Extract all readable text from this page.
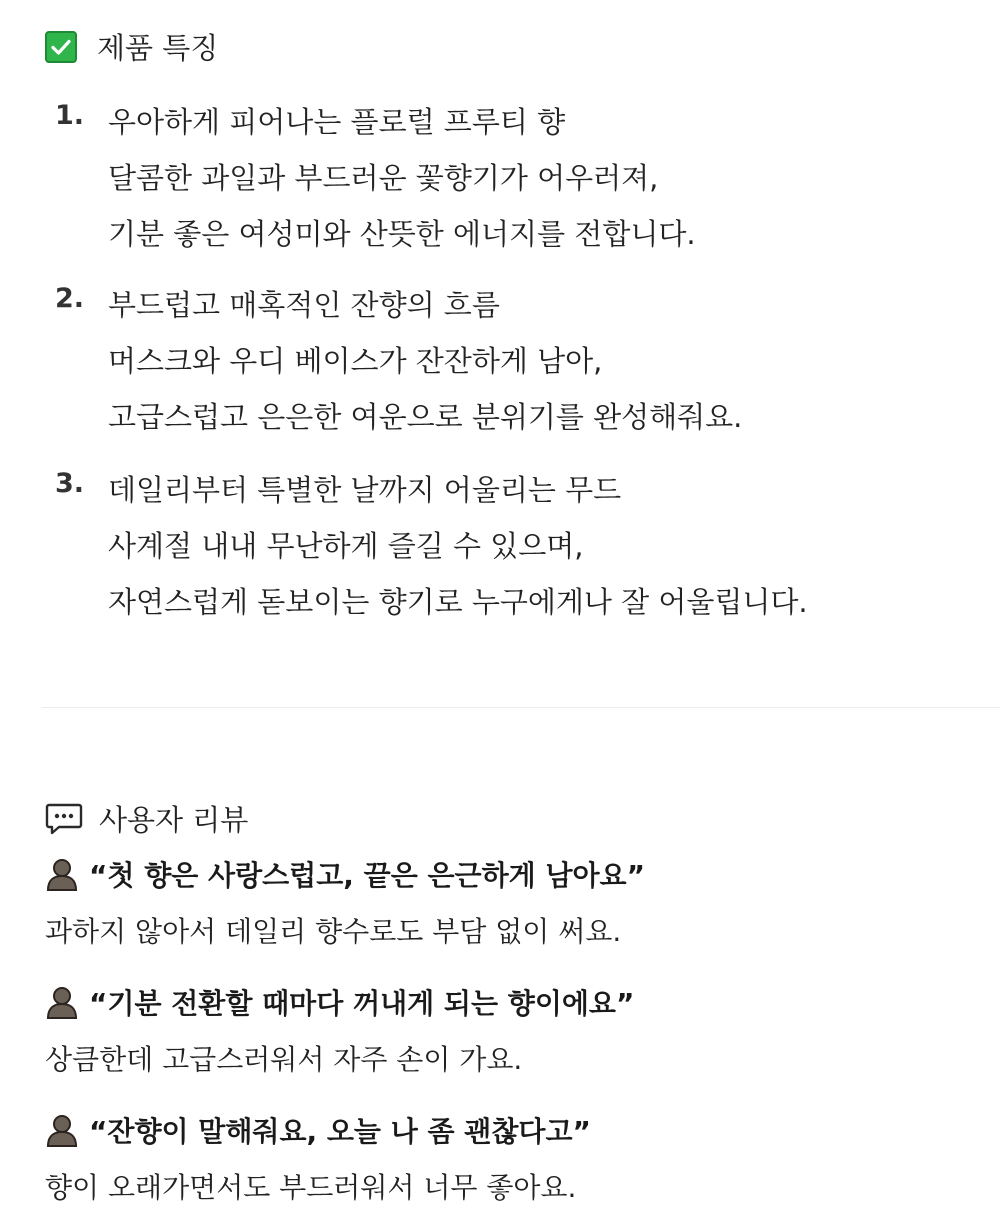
제품 특징
1. 우아하게 피어나는 플로럴 프루티 향
달콤한 과일과 부드러운 꽃향기가 어우러져,
기분 좋은 여성미와 산뜻한 에너지를 전합니다.
2. 부드럽고 매혹적인 잔향의 흐름
머스크와 우디 베이스가 잔잔하게 남아,
고급스럽고 은은한 여운으로 분위기를 완성해줘요.
3. 데일리부터 특별한 날까지 어울리는 무드
사계절 내내 무난하게 즐길 수 있으며,
자연스럽게 돋보이는 향기로 누구에게나 잘 어울립니다.
사용자 리뷰
“첫 향은 사랑스럽고, 끝은 은근하게 남아요”
과하지 않아서 데일리 향수로도 부담 없이 써요.
“기분 전환할 때마다 꺼내게 되는 향이에요”
상큼한데 고급스러워서 자주 손이 가요.
“잔향이 말해줘요, 오늘 나 좀 괜찮다고”
향이 오래가면서도 부드러워서 너무 좋아요.
